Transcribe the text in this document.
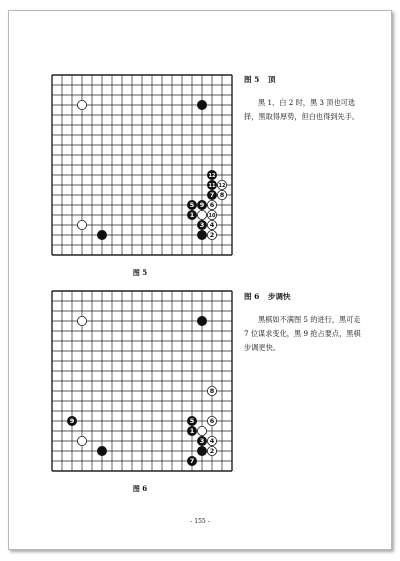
12
11 12
7 8
5 9 6
1	10
3 4
2
图 5
图 5 顶

黑 1、白 2 时，黑 3 顶也可选择，黑取得厚势，但白也得到先手。

8
9	5 6
1
3 4
2
7
图 6
图 6 步调快

黑棋如不满图 5 的进行，黑可走 7 位谋求变化，黑 9 抢占要点，黑棋步调更快。

- 155 -
